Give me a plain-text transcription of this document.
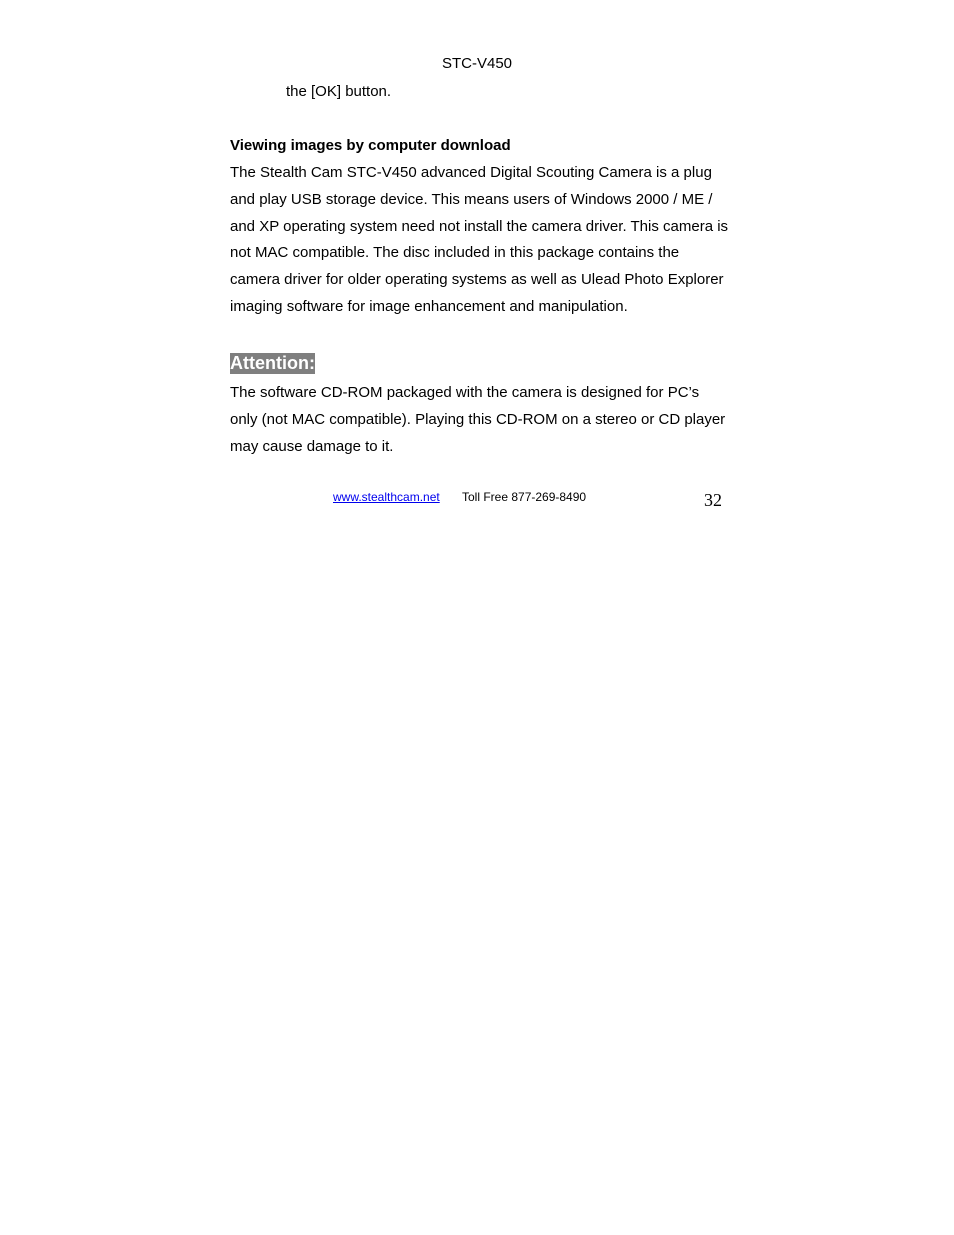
STC-V450
the [OK] button.
Viewing images by computer download

The Stealth Cam STC-V450 advanced Digital Scouting Camera is a plug and play USB storage device. This means users of Windows 2000 / ME / and XP operating system need not install the camera driver. This camera is not MAC compatible. The disc included in this package contains the camera driver for older operating systems as well as Ulead Photo Explorer imaging software for image enhancement and manipulation.

Attention:

The software CD-ROM packaged with the camera is designed for PC’s only (not MAC compatible). Playing this CD-ROM on a stereo or CD player may cause damage to it.

www.stealthcam.net Toll Free 877-269-8490	32
